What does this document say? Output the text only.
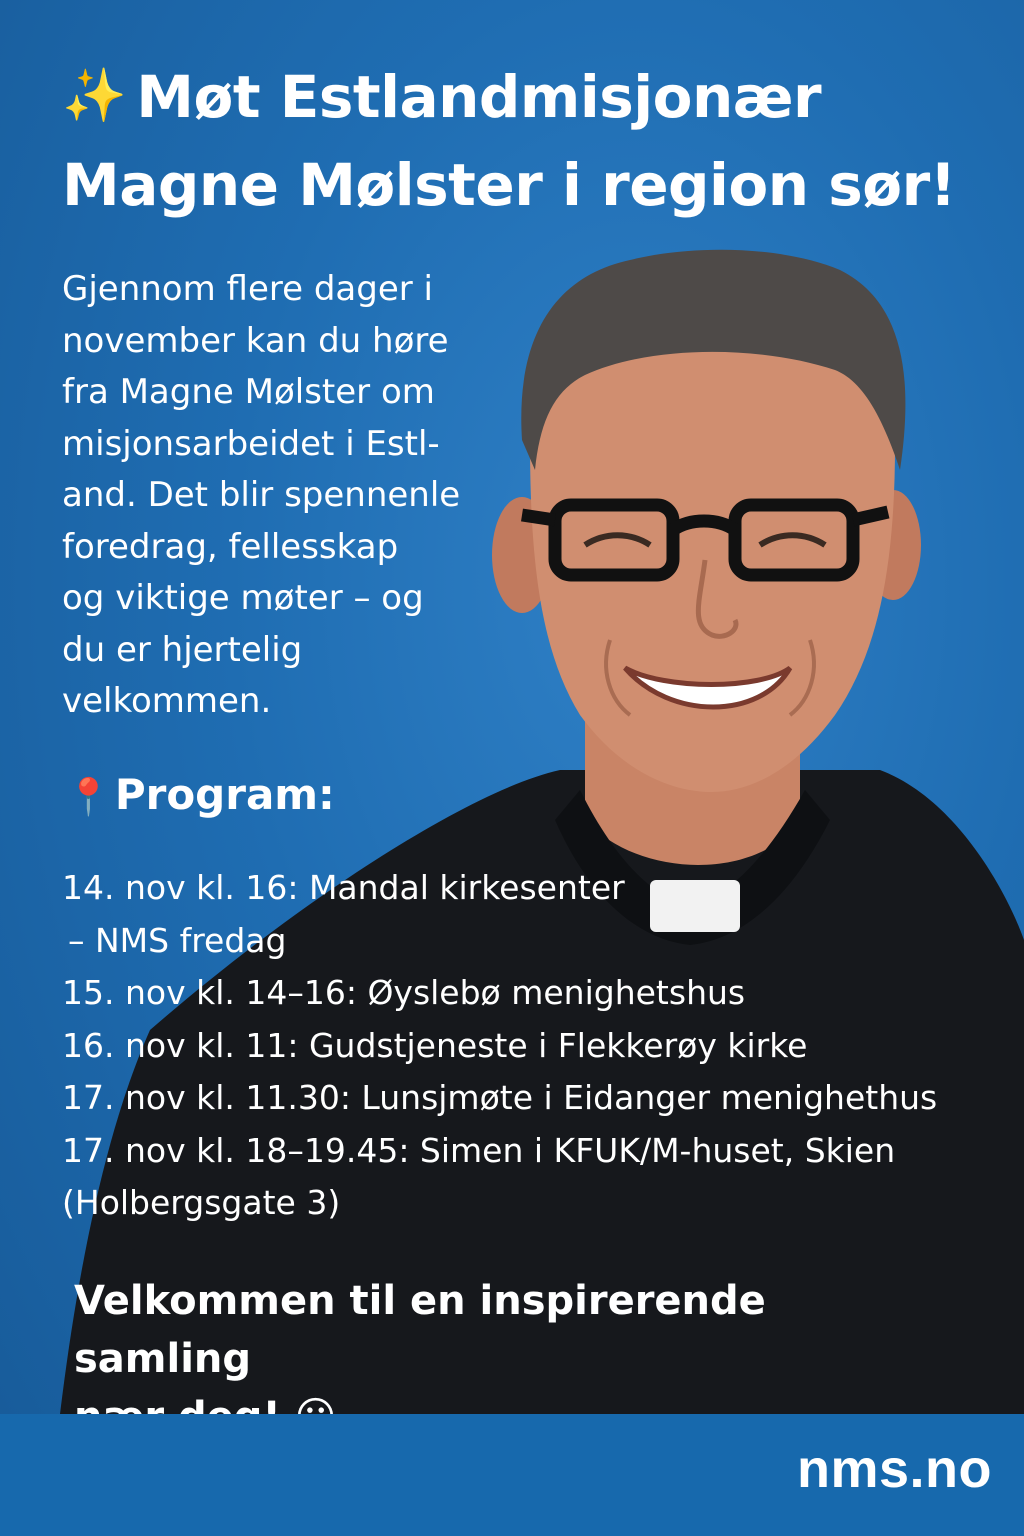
✨ Møt Estlandmisjonær
Magne Mølster i region sør!

Gjennom flere dager i
november kan du høre
fra Magne Mølster om
misjonsarbeidet i Estl-
and. Det blir spennenle
foredrag, fellesskap
og viktige møter – og
du er hjertelig
velkommen.

📍Program:
14. nov kl. 16: Mandal kirkesenter
– NMS fredag
15. nov kl. 14–16: Øyslebø menighetshus
16. nov kl. 11: Gudstjeneste i Flekkerøy kirke
17. nov kl. 11.30: Lunsjmøte i Eidanger menighethus
17. nov kl. 18–19.45: Simen i KFUK/M-huset, Skien
(Holbergsgate 3)

Velkommen til en inspirerende samling

nms.no
